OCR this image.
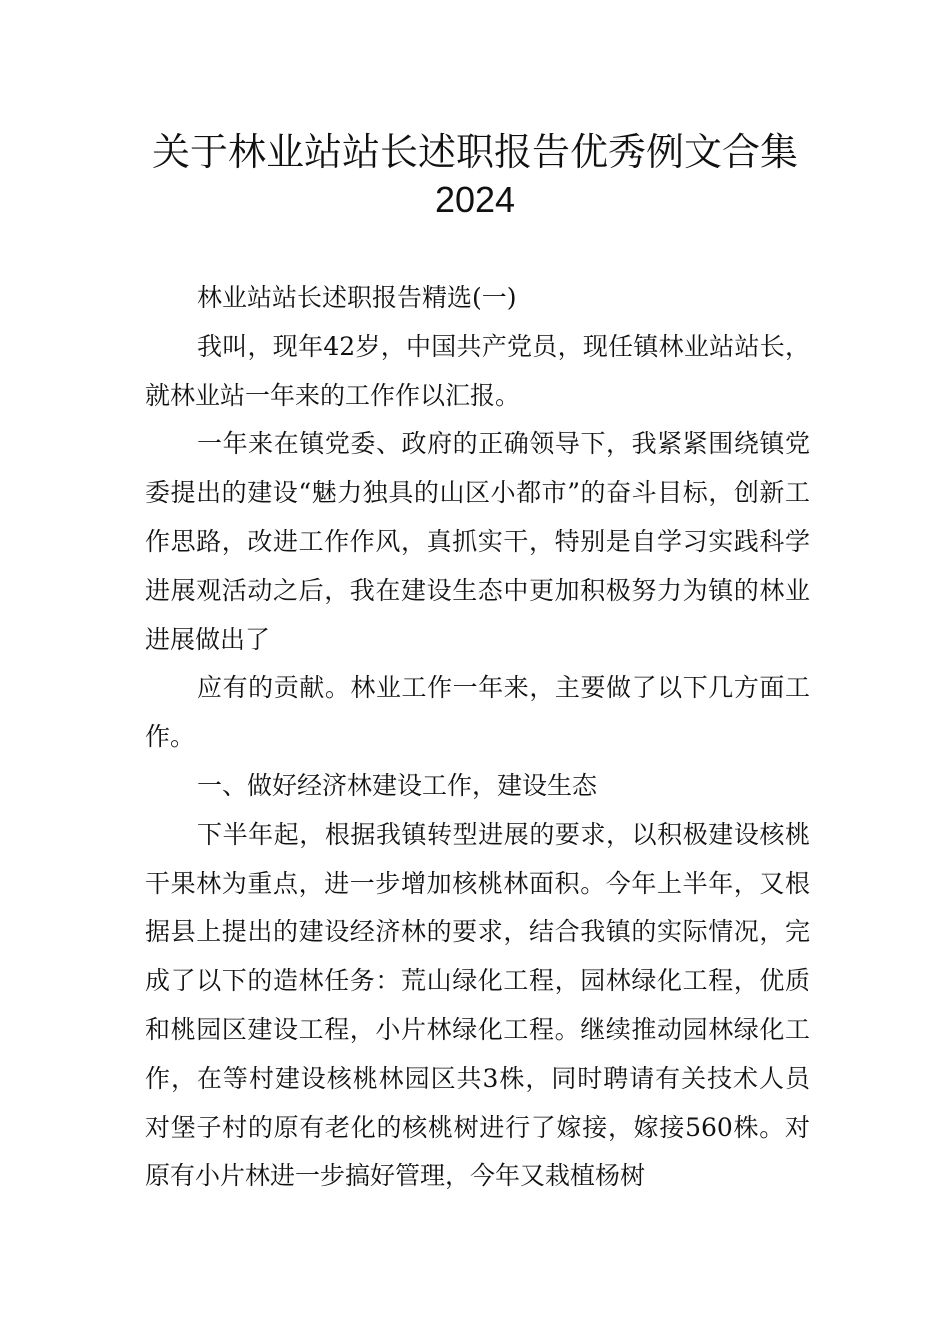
关于林业站站长述职报告优秀例文合集
2024

林业站站长述职报告精选(一)

我叫，现年42岁，中国共产党员，现任镇林业站站长，就林业站一年来的工作作以汇报。

一年来在镇党委、政府的正确领导下，我紧紧围绕镇党委提出的建设“魅力独具的山区小都市”的奋斗目标，创新工作思路，改进工作作风，真抓实干，特别是自学习实践科学进展观活动之后，我在建设生态中更加积极努力为镇的林业进展做出了

应有的贡献。林业工作一年来，主要做了以下几方面工作。

一、做好经济林建设工作，建设生态

下半年起，根据我镇转型进展的要求，以积极建设核桃干果林为重点，进一步增加核桃林面积。今年上半年，又根据县上提出的建设经济林的要求，结合我镇的实际情况，完成了以下的造林任务：荒山绿化工程，园林绿化工程，优质和桃园区建设工程，小片林绿化工程。继续推动园林绿化工作，在等村建设核桃林园区共3株，同时聘请有关技术人员对堡子村的原有老化的核桃树进行了嫁接，嫁接560株。对原有小片林进一步搞好管理，今年又栽植杨树
